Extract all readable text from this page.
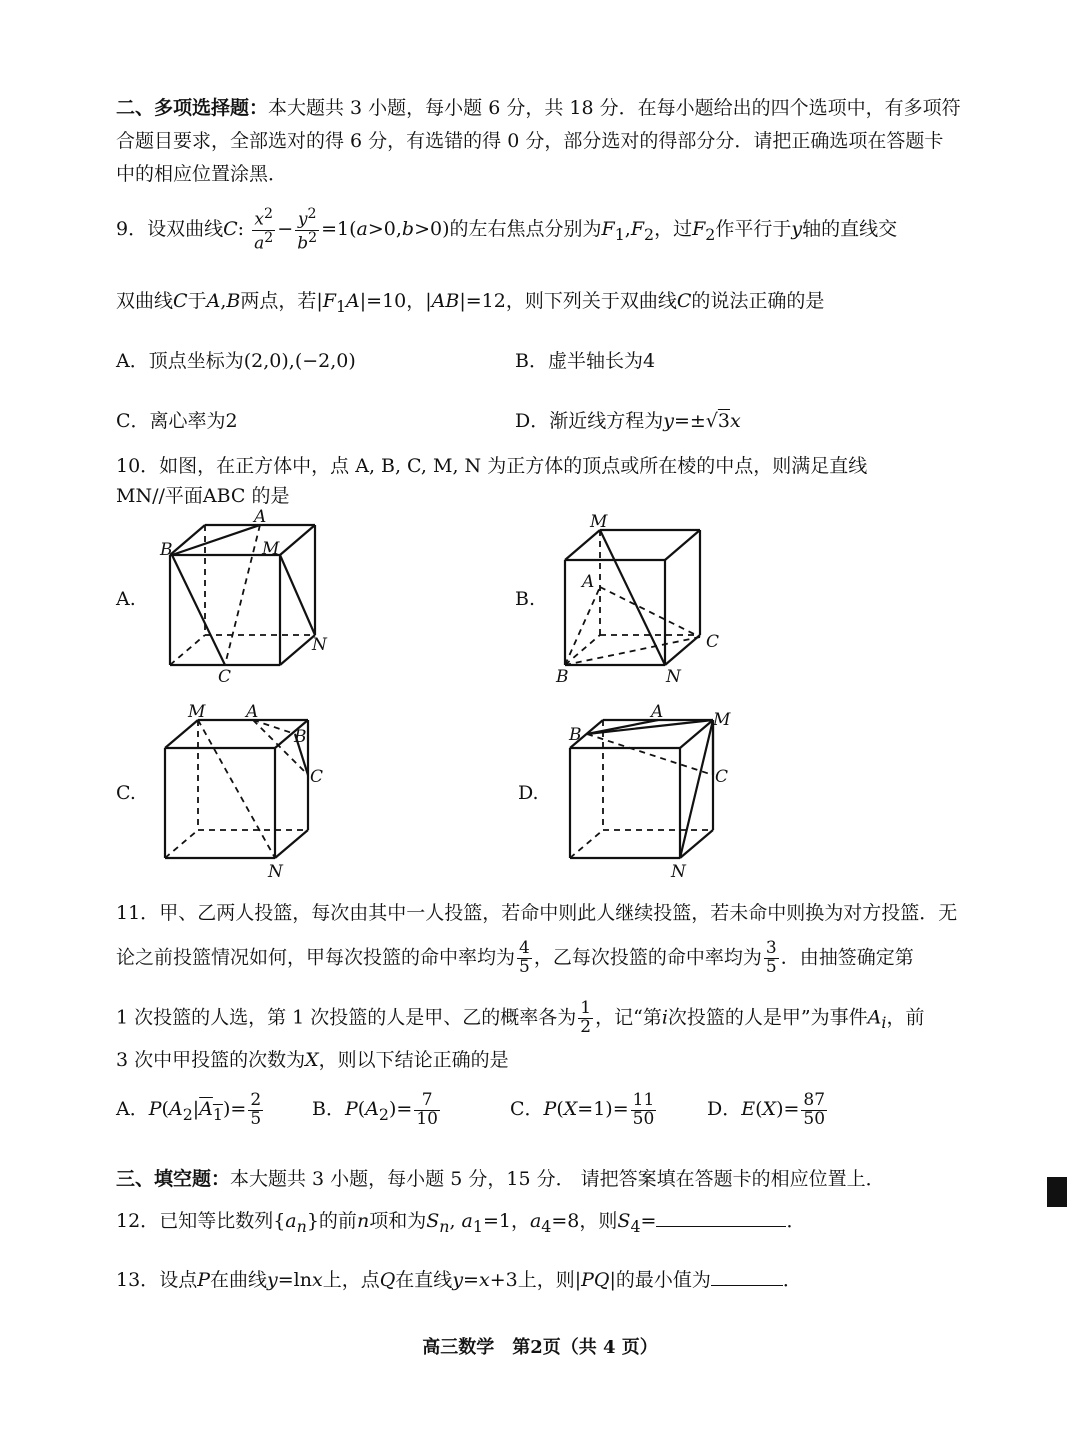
二、多项选择题：本大题共 3 小题，每小题 6 分，共 18 分．在每小题给出的四个选项中，有多项符合题目要求，全部选对的得 6 分，有选错的得 0 分，部分选对的得部分分．请把正确选项在答题卡中的相应位置涂黑．
9．设双曲线C: $\frac{x^2}{a^2} - \frac{y^2}{b^2} =1(a>0,b>0)$的左右焦点分别为$F_1,F_2$，过$F_2$作平行于y轴的直线交
双曲线C于A,B两点，若$|F_1A|=10$，|AB|=12，则下列关于双曲线C的说法正确的是
A．顶点坐标为(2,0),(−2,0)	B．虚半轴长为4
C．离心率为2	D．渐近线方程为y=±√3x
10．如图，在正方体中，点 A, B, C, M, N 为正方体的顶点或所在棱的中点，则满足直线
MN//平面ABC 的是
A.
B
A
M
N
C
B.
M
A
C
B	N
C.
M A
B
C
N
D.
B
A	M
C
N
11．甲、乙两人投篮，每次由其中一人投篮，若命中则此人继续投篮，若未命中则换为对方投篮．无
论之前投篮情况如何，甲每次投篮的命中率均为 $\frac{4}{5}$ ，乙每次投篮的命中率均为 $\frac{3}{5}$ ．由抽签确定第
1 次投篮的人选，第 1 次投篮的人是甲、乙的概率各为 $\frac{1}{2}$ ，记“第i次投篮的人是甲”为事件$A_i$，前
3 次中甲投篮的次数为X，则以下结论正确的是
A．$P(A_2|A_1)= \frac{2}{5}$	B．$P(A_2)= \frac{7}{10}$	C．$P(X=1)= \frac{11}{50}$	D．$E(X)= \frac{87}{50}$
三、填空题：本大题共 3 小题，每小题 5 分，15 分． 请把答案填在答题卡的相应位置上．
12．已知等比数列$\{a_n\}$的前n项和为$S_n$, $a_1=1$，$a_4=8$，则$S_4=$	．
13．设点P在曲线y=lnx上，点Q在直线y=x+3上，则|PQ|的最小值为	．
高三数学　第2页（共 4 页）
